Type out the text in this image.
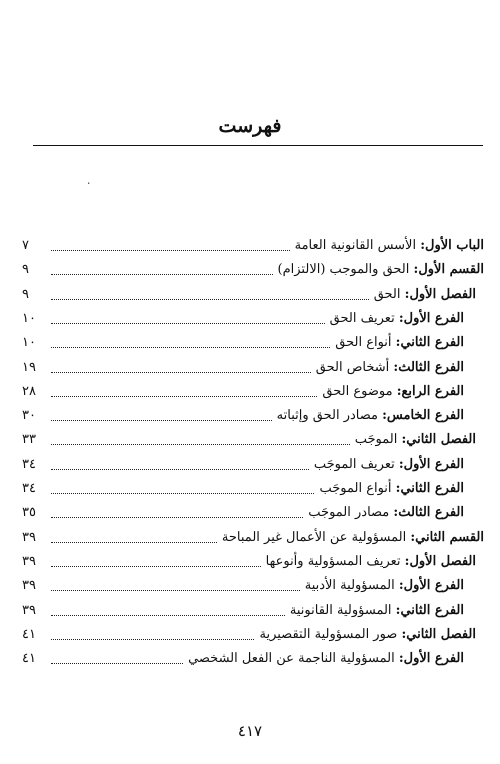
فهرست
٠
الباب الأول: الأسس القانونية العامة
٧
القسم الأول: الحق والموجب (الالتزام)
٩
الفصل الأول: الحق
٩
الفرع الأول: تعريف الحق
١٠
الفرع الثاني: أنواع الحق
١٠
الفرع الثالث: أشخاص الحق
١٩
الفرع الرابع: موضوع الحق
٢٨
الفرع الخامس: مصادر الحق وإثباته
٣٠
الفصل الثاني: الموجَب
٣٣
الفرع الأول: تعريف الموجَب
٣٤
الفرع الثاني: أنواع الموجَب
٣٤
الفرع الثالث: مصادر الموجَب
٣٥
القسم الثاني: المسؤولية عن الأعمال غير المباحة
٣٩
الفصل الأول: تعريف المسؤولية وأنوعها
٣٩
الفرع الأول: المسؤولية الأدبية
٣٩
الفرع الثاني: المسؤولية القانونية
٣٩
الفصل الثاني: صور المسؤولية التقصيرية
٤١
الفرع الأول: المسؤولية الناجمة عن الفعل الشخصي
٤١

٤١٧
